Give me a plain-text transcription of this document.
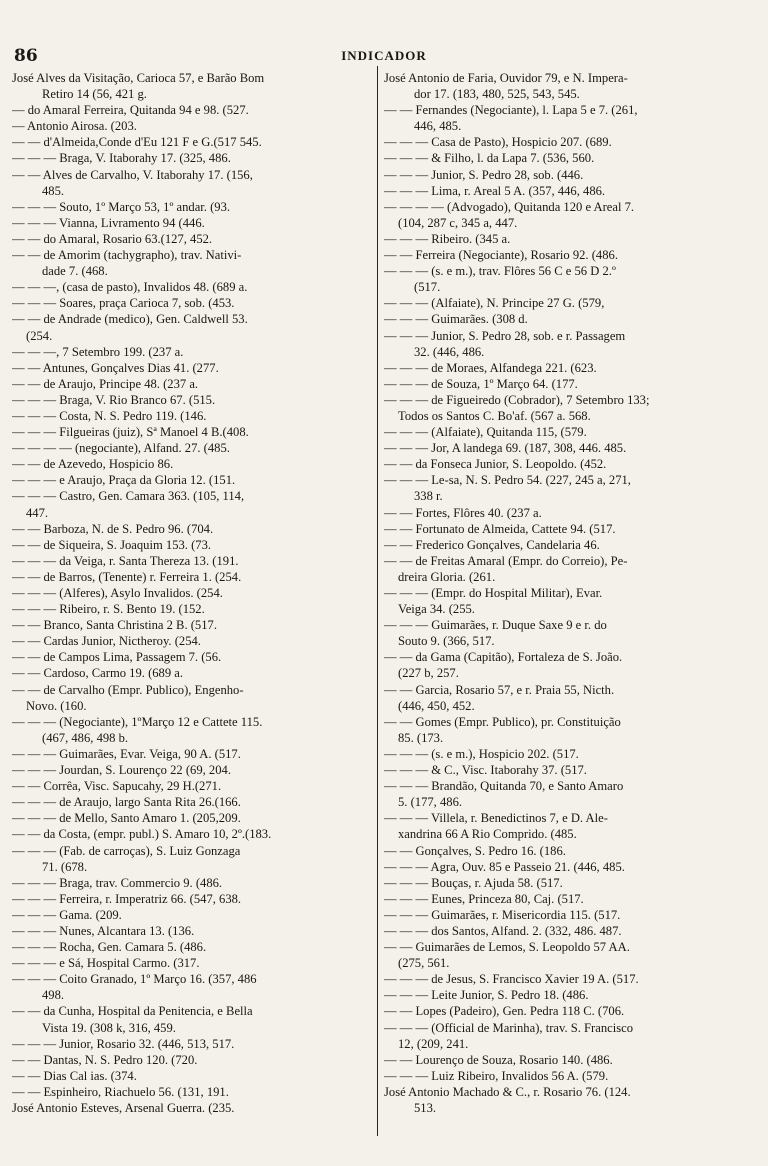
86	INDICADOR
José Alves da Visitação, Carioca 57, e Barão Bom
Retiro 14 (56, 421 g.
— do Amaral Ferreira, Quitanda 94 e 98. (527.
— Antonio Airosa. (203.
— — d'Almeida,Conde d'Eu 121 F e G.(517 545.
— — — Braga, V. Itaborahy 17. (325, 486.
— — Alves de Carvalho, V. Itaborahy 17. (156,
485.
— — — Souto, 1º Março 53, 1º andar. (93.
— — — Vianna, Livramento 94 (446.
— — do Amaral, Rosario 63.(127, 452.
— — de Amorim (tachygrapho), trav. Nativi-
dade 7. (468.
— — —, (casa de pasto), Invalidos 48. (689 a.
— — — Soares, praça Carioca 7, sob. (453.
— — de Andrade (medico), Gen. Caldwell 53.
(254.
— — —, 7 Setembro 199. (237 a.
— — Antunes, Gonçalves Dias 41. (277.
— — de Araujo, Principe 48. (237 a.
— — — Braga, V. Rio Branco 67. (515.
— — — Costa, N. S. Pedro 119. (146.
— — — Filgueiras (juiz), Sª Manoel 4 B.(408.
— — — — (negociante), Alfand. 27. (485.
— — de Azevedo, Hospicio 86.
— — — e Araujo, Praça da Gloria 12. (151.
— — — Castro, Gen. Camara 363. (105, 114,
447.
— — Barboza, N. de S. Pedro 96. (704.
— — de Siqueira, S. Joaquim 153. (73.
— — — da Veiga, r. Santa Thereza 13. (191.
— — de Barros, (Tenente) r. Ferreira 1. (254.
— — — (Alferes), Asylo Invalidos. (254.
— — — Ribeiro, r. S. Bento 19. (152.
— — Branco, Santa Christina 2 B. (517.
— — Cardas Junior, Nictheroy. (254.
— — de Campos Lima, Passagem 7. (56.
— — Cardoso, Carmo 19. (689 a.
— — de Carvalho (Empr. Publico), Engenho-
Novo. (160.
— — — (Negociante), 1ºMarço 12 e Cattete 115.
(467, 486, 498 b.
— — — Guimarães, Evar. Veiga, 90 A. (517.
— — — Jourdan, S. Lourenço 22 (69, 204.
— — Corrêa, Visc. Sapucahy, 29 H.(271.
— — — de Araujo, largo Santa Rita 26.(166.
— — — de Mello, Santo Amaro 1. (205,209.
— — da Costa, (empr. publ.) S. Amaro 10, 2º.(183.
— — — (Fab. de carroças), S. Luiz Gonzaga
71. (678.
— — — Braga, trav. Commercio 9. (486.
— — — Ferreira, r. Imperatriz 66. (547, 638.
— — — Gama. (209.
— — — Nunes, Alcantara 13. (136.
— — — Rocha, Gen. Camara 5. (486.
— — — e Sá, Hospital Carmo. (317.
— — — Coito Granado, 1º Março 16. (357, 486
498.
— — da Cunha, Hospital da Penitencia, e Bella
Vista 19. (308 k, 316, 459.
— — — Junior, Rosario 32. (446, 513, 517.
— — Dantas, N. S. Pedro 120. (720.
— — Dias Cal ias. (374.
— — Espinheiro, Riachuelo 56. (131, 191.
José Antonio Esteves, Arsenal Guerra. (235.
José Antonio de Faria, Ouvidor 79, e N. Impera-
dor 17. (183, 480, 525, 543, 545.
— — Fernandes (Negociante), l. Lapa 5 e 7. (261,
446, 485.
— — — Casa de Pasto), Hospicio 207. (689.
— — — & Filho, l. da Lapa 7. (536, 560.
— — — Junior, S. Pedro 28, sob. (446.
— — — Lima, r. Areal 5 A. (357, 446, 486.
— — — — (Advogado), Quitanda 120 e Areal 7.
(104, 287 c, 345 a, 447.
— — — Ribeiro. (345 a.
— — Ferreira (Negociante), Rosario 92. (486.
— — — (s. e m.), trav. Flôres 56 C e 56 D 2.º
(517.
— — — (Alfaiate), N. Principe 27 G. (579,
— — — Guimarães. (308 d.
— — — Junior, S. Pedro 28, sob. e r. Passagem
32. (446, 486.
— — — de Moraes, Alfandega 221. (623.
— — — de Souza, 1º Março 64. (177.
— — — de Figueiredo (Cobrador), 7 Setembro 133;
Todos os Santos C. Bo'af. (567 a. 568.
— — — (Alfaiate), Quitanda 115, (579.
— — — Jor, A landega 69. (187, 308, 446. 485.
— — da Fonseca Junior, S. Leopoldo. (452.
— — — Le-sa, N. S. Pedro 54. (227, 245 a, 271,
338 r.
— — Fortes, Flôres 40. (237 a.
— — Fortunato de Almeida, Cattete 94. (517.
— — Frederico Gonçalves, Candelaria 46.
— — de Freitas Amaral (Empr. do Correio), Pe-
dreira Gloria. (261.
— — — (Empr. do Hospital Militar), Evar.
Veiga 34. (255.
— — — Guimarães, r. Duque Saxe 9 e r. do
Souto 9. (366, 517.
— — da Gama (Capitão), Fortaleza de S. João.
(227 b, 257.
— — Garcia, Rosario 57, e r. Praia 55, Nicth.
(446, 450, 452.
— — Gomes (Empr. Publico), pr. Constituição
85. (173.
— — — (s. e m.), Hospicio 202. (517.
— — — & C., Visc. Itaborahy 37. (517.
— — — Brandão, Quitanda 70, e Santo Amaro
5. (177, 486.
— — — Villela, r. Benedictinos 7, e D. Ale-
xandrina 66 A Rio Comprido. (485.
— — Gonçalves, S. Pedro 16. (186.
— — — Agra, Ouv. 85 e Passeio 21. (446, 485.
— — — Bouças, r. Ajuda 58. (517.
— — — Eunes, Princeza 80, Caj. (517.
— — — Guimarães, r. Misericordia 115. (517.
— — — dos Santos, Alfand. 2. (332, 486. 487.
— — Guimarães de Lemos, S. Leopoldo 57 AA.
(275, 561.
— — — de Jesus, S. Francisco Xavier 19 A. (517.
— — — Leite Junior, S. Pedro 18. (486.
— — Lopes (Padeiro), Gen. Pedra 118 C. (706.
— — — (Official de Marinha), trav. S. Francisco
12, (209, 241.
— — Lourenço de Souza, Rosario 140. (486.
— — — Luiz Ribeiro, Invalidos 56 A. (579.
José Antonio Machado & C., r. Rosario 76. (124.
513.
